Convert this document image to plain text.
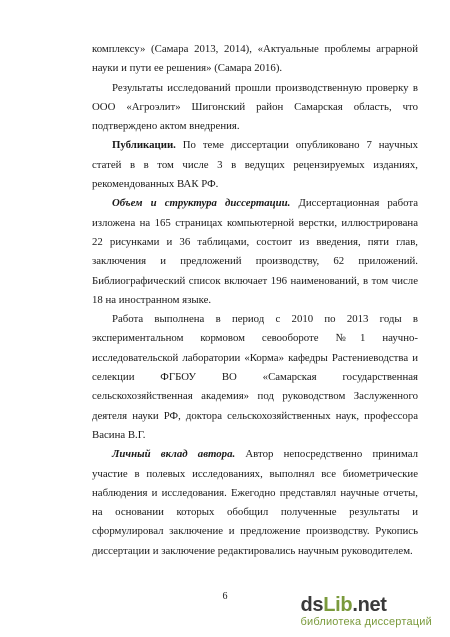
комплексу» (Самара 2013, 2014), «Актуальные проблемы аграрной науки и пути ее решения» (Самара 2016).

Результаты исследований прошли производственную проверку в ООО «Агроэлит» Шигонский район Самарская область, что подтверждено актом внедрения.

Публикации. По теме диссертации опубликовано 7 научных статей в в том числе 3 в ведущих рецензируемых изданиях, рекомендованных ВАК РФ.

Объем и структура диссертации. Диссертационная работа изложена на 165 страницах компьютерной верстки, иллюстрирована 22 рисунками и 36 таблицами, состоит из введения, пяти глав, заключения и предложений производству, 62 приложений. Библиографический список включает 196 наименований, в том числе 18 на иностранном языке.

Работа выполнена в период с 2010 по 2013 годы в экспериментальном кормовом севообороте №1 научно-исследовательской лаборатории «Корма» кафедры Растениеводства и селекции ФГБОУ ВО «Самарская государственная сельскохозяйственная академия» под руководством Заслуженного деятеля науки РФ, доктора сельскохозяйственных наук, профессора Васина В.Г.

Личный вклад автора. Автор непосредственно принимал участие в полевых исследованиях, выполнял все биометрические наблюдения и исследования. Ежегодно представлял научные отчеты, на основании которых обобщил полученные результаты и сформулировал заключение и предложение производству. Рукопись диссертации и заключение редактировались научным руководителем.

6	dsLib.net
библиотека диссертаций
